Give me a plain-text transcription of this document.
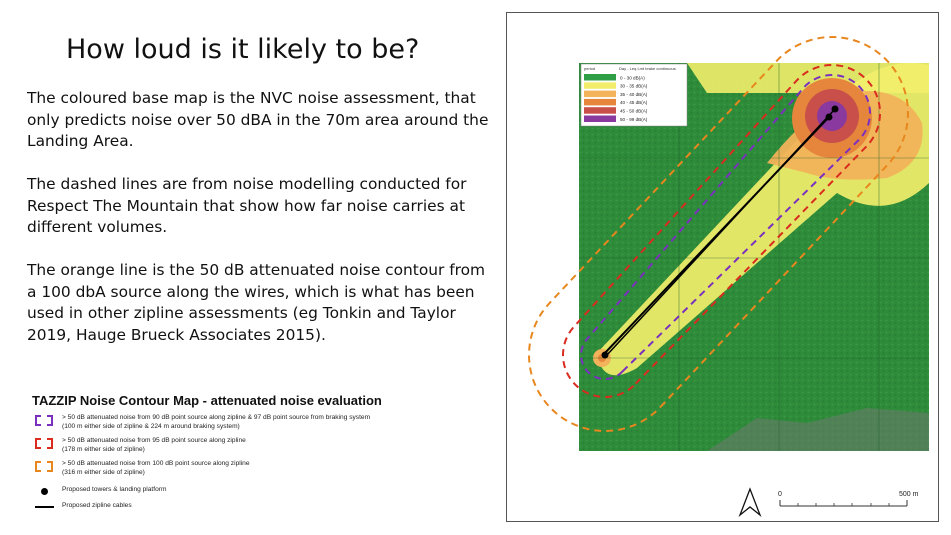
How loud is it likely to be?
The coloured base map is the NVC noise assessment, that only predicts noise over 50 dBA in the 70m area around the Landing Area.
The dashed lines are from noise modelling conducted for Respect The Mountain that show how far noise carries at different volumes.
The orange line is the 50 dB attenuated noise contour from a 100 dbA source along the wires, which is what has been used in other zipline assessments (eg Tonkin and Taylor 2019, Hauge Brueck Associates 2015).
TAZZIP Noise Contour Map - attenuated noise evaluation
> 50 dB attenuated noise from 90 dB point source along zipline & 97 dB point source from braking system
(100 m either side of zipline & 224 m around braking system)
> 50 dB attenuated noise from 95 dB point source along zipline
(178 m either side of zipline)
> 50 dB attenuated noise from 100 dB point source along zipline
(316 m either side of zipline)
Proposed towers & landing platform
Proposed zipline cables
period	Day - Leq Lmt brake continuous
0 - 30 dB(A)
30 - 35 dB(A)
35 - 40 dB(A)
40 - 45 dB(A)
45 - 50 dB(A)
50 - 99 dB(A)
0	500 m
